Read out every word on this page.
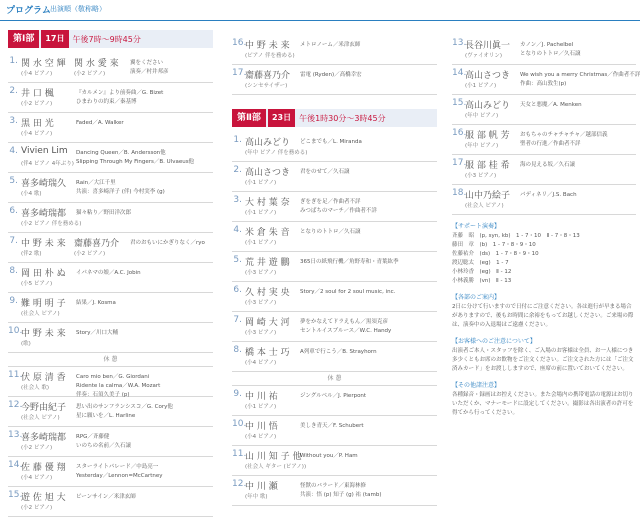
プログラム 出演順（敬称略）
第Ⅰ部	17日	午後7時〜9時45分
1. 関 水 空 輝
(小4 ピアノ)
関 水 愛 來
(小2 ピアノ)
翼をください
演奏／村井邦彦
2. 井 口 楓
(小2 ピアノ)
『カルメン』より前奏曲／G. Bizet
ひまわりの約束／秦基博
3. 黒 田 光
(小4 ピアノ)
Faded／A. Walker
4. Vivien Lim
(伴4 ピアノ 4年ぶり)
Dancing Queen／B. Andersson他
Slipping Through My Fingers／B. Ulvaeus他
5. 喜多崎瑞久
(小4 歌)
Rain／大江千里
共演：喜多崎洋子 (伴) 今村実李 (g)
6. 喜多崎瑞都
(小2 ピアノ 伴を務める)
猫々粘り／野田洋次郎
7. 中 野 未 来
(伴2 歌)
齋藤喜乃介
(小2 ピアノ)
君のおもいにかぎりなく／ryo
8. 岡 田 朴 ぬ
(小5 ピアノ)
イパネマの娘／A.C. Jobin
9. 難 明 明 子
(社会人 ピアノ)
結果／J. Kosma
10.
中 野 未 来
(歌)
Story／川口大輔
休 憩
11.
伏 原 清 香
(社会人 歌)
Caro mio ben／G. Giordani
Ridente la calma／W.A. Mozart
伴奏：石須久美子 (p)
12.
今野由紀子
(社会人 ピアノ)
思い出のサンフランシスコ／G. Cory他
星に願いを／L. Harline
13.
喜多崎瑞都
(小2 ピアノ)
RPG／斉藤健
いのちの名前／久石譲
14.
佐 藤 優 翔
(小4 ピアノ)
スターライトパレード／中島亮一
Yesterday／Lennon=McCartney
15.
遊 佐 旭 大
(小2 ピアノ)
ビーンサイン／米津玄師
16.
中 野 未 来
(ピアノ 伴を務める)
メトロノーム／米津玄師
17.
齋藤喜乃介
(シンセサイザー)
雷電 (Ryden)／高橋幸宏
第Ⅱ部	23日	午後1時30分〜3時45分
1. 高山みどり
(年中 ピアノ 伴を務める)
どこまでも／L. Miranda
2. 高山さつき
(小1 ピアノ)
君をのせて／久石譲
3. 大 村 葉 奈
(小1 ピアノ)
ぎをぎを足／作曲者不詳
みつばちのマーチ／作曲者不詳
4. 米 倉 朱 音
(小1 ピアノ)
となりのトトロ／久石譲
5. 荒 井 遊 鵬
(小3 ピアノ)
365日の紙飛行機／角野寿和・青葉紘季
6. 久 村 実 央
(小3 ピアノ)
Story／2 soul for 2 soul music, inc.
7. 岡 崎 大 河
(小3 ピアノ)
夢をかなえてドラえもん／黒須克彦
セントルイスブルース／W.C. Handy
8. 橋 本 士 巧
(小4 ピアノ)
A列車で行こう／B. Strayhorn
休 憩
9. 中 川 祐
(小1 ピアノ)
ジングルベル／J. Pierpont
10.
中 川 悟
(小4 ピアノ)
美しき青天／F. Schubert
11.
山 川 知 子 他
(社会人 ギター (ピアノ))
Without you／P. Ham
12.
中 川 瀬
(年中 歌)
怪獣のバラード／東海林修
共演：悟 (p) 知子 (g) 祐 (tamb)
13.
長谷川眞一
(ヴァイオリン)
カノン／J. Pachelbel
となりのトトロ／久石譲
14.
高山さつき
(小1 ピアノ)
We wish you a merry Christmas／作曲者不詳
作曲：高山敦生(p)
15.
高山みどり
(年中 ピアノ)
天女と悪魔／A. Menken
16.
服 部 帆 芳
(年中 ピアノ)
おもちゃのチャチャチャ／越部信義
聖者の行進／作曲者不詳
17.
服 部 桂 希
(小3 ピアノ)
海の見える坂／久石譲
18.
山中乃絵子
(社会人 ピアノ)
パディネリ／J.S. Bach
【サポート演奏】
斉藤　昭　(p, syn, kb)　1 - 7・10　Ⅱ - 7・8・13
藤田　章　(b)　1 - 7・8・9・10
佐藤祐介　(ds)　1 - 7・8・9・10
渡辺聡太　(eg)　1 - 7
小林玲香　(eg)　Ⅱ - 12
小林義勝　(vn)　Ⅱ - 13
【各部のご案内】
2日に分けて行いますので日付にご注意ください。各は進行が早まる場合がありますので、後もお時間に余裕をもってお越しください。ご来場の際は、演奏中の入退場はご遠慮ください。
【お客様へのご注意について】
出演者ご本人・スタッフを除く、ご入場のお客様は全員、お一人様につき多少くともお席のお飲物をご注文ください。ご注文された方には「ご注文済みカード」をお渡ししますので、座席の前に置いておいてください。
【その他諸注意】
各種録音・録画はお控えください。また会場内の携帯電話の電源はお切りいただくか、マナーモードに設定してください。撮影は各出演者の許可を得てから行ってください。
